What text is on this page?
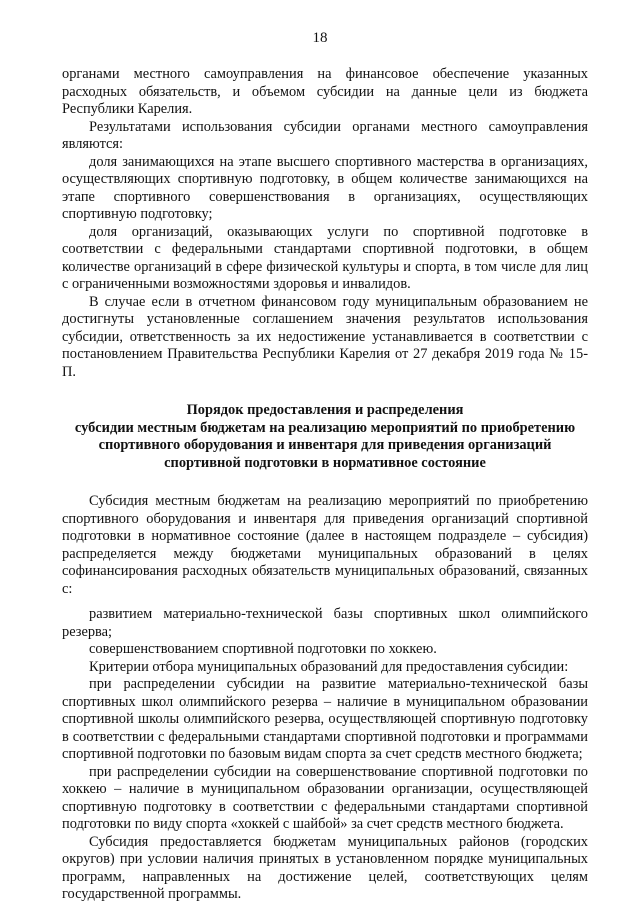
18

органами местного самоуправления на финансовое обеспечение указанных расходных обязательств, и объемом субсидии на данные цели из бюджета Республики Карелия.

Результатами использования субсидии органами местного самоуправления являются:

доля занимающихся на этапе высшего спортивного мастерства в организациях, осуществляющих спортивную подготовку, в общем количестве занимающихся на этапе спортивного совершенствования в организациях, осуществляющих спортивную подготовку;

доля организаций, оказывающих услуги по спортивной подготовке в соответствии с федеральными стандартами спортивной подготовки, в общем количестве организаций в сфере физической культуры и спорта, в том числе для лиц с ограниченными возможностями здоровья и инвалидов.

В случае если в отчетном финансовом году муниципальным образованием не достигнуты установленные соглашением значения результатов использования субсидии, ответственность за их недостижение устанавливается в соответствии с постановлением Правительства Республики Карелия от 27 декабря 2019 года № 15-П.

Порядок предоставления и распределения

субсидии местным бюджетам на реализацию мероприятий по приобретению

спортивного оборудования и инвентаря для приведения организаций

спортивной подготовки в нормативное состояние

Субсидия местным бюджетам на реализацию мероприятий по приобретению спортивного оборудования и инвентаря для приведения организаций спортивной подготовки в нормативное состояние (далее в настоящем подразделе – субсидия) распределяется между бюджетами муниципальных образований в целях софинансирования расходных обязательств муниципальных образований, связанных с:

развитием материально-технической базы спортивных школ олимпийского резерва;

совершенствованием спортивной подготовки по хоккею.

Критерии отбора муниципальных образований для предоставления субсидии:

при распределении субсидии на развитие материально-технической базы спортивных школ олимпийского резерва – наличие в муниципальном образовании спортивной школы олимпийского резерва, осуществляющей спортивную подготовку в соответствии с федеральными стандартами спортивной подготовки и программами спортивной подготовки по базовым видам спорта за счет средств местного бюджета;

при распределении субсидии на совершенствование спортивной подготовки по хоккею – наличие в муниципальном образовании организации, осуществляющей спортивную подготовку в соответствии с федеральными стандартами спортивной подготовки по виду спорта «хоккей с шайбой» за счет средств местного бюджета.

Субсидия предоставляется бюджетам муниципальных районов (городских округов) при условии наличия принятых в установленном порядке муниципальных программ, направленных на достижение целей, соответствующих целям государственной программы.
